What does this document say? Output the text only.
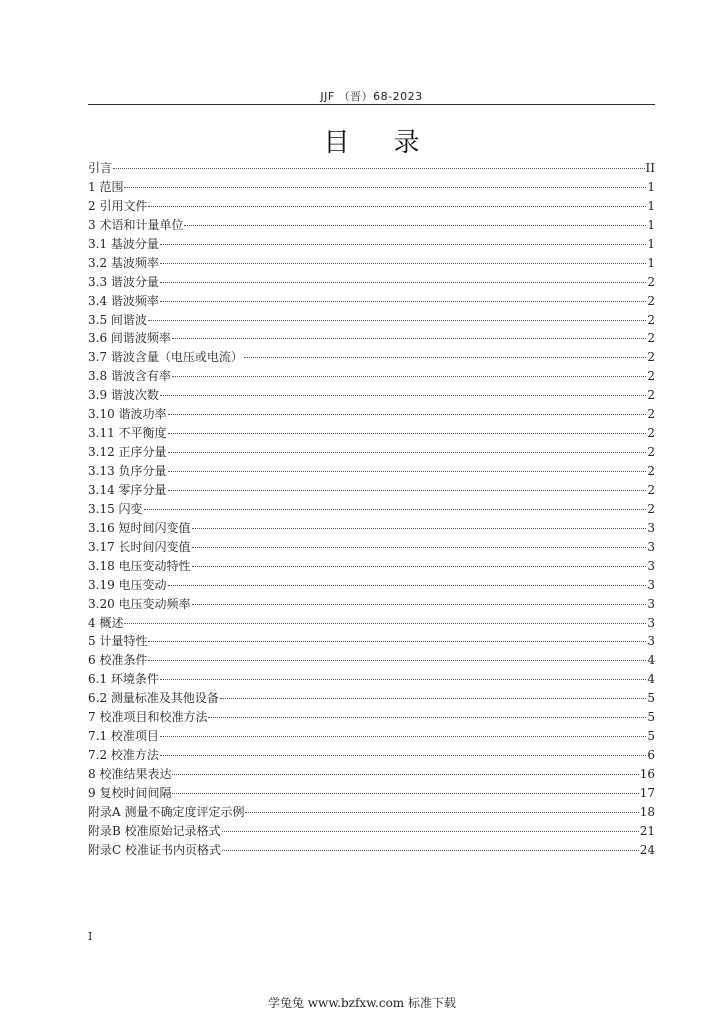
JJF （晋）68-2023
目录
引言	II
1 范围	1
2 引用文件	1
3 术语和计量单位	1
3.1 基波分量	1
3.2 基波频率	1
3.3 谐波分量	2
3.4 谐波频率	2
3.5 间谐波	2
3.6 间谐波频率	2
3.7 谐波含量（电压或电流）	2
3.8 谐波含有率	2
3.9 谐波次数	2
3.10 谐波功率	2
3.11 不平衡度	2
3.12 正序分量	2
3.13 负序分量	2
3.14 零序分量	2
3.15 闪变	2
3.16 短时间闪变值	3
3.17 长时间闪变值	3
3.18 电压变动特性	3
3.19 电压变动	3
3.20 电压变动频率	3
4 概述	3
5 计量特性	3
6 校准条件	4
6.1 环境条件	4
6.2 测量标准及其他设备	5
7 校准项目和校准方法	5
7.1 校准项目	5
7.2 校准方法	6
8 校准结果表达	16
9 复校时间间隔	17
附录A 测量不确定度评定示例	18
附录B 校准原始记录格式	21
附录C 校准证书内页格式	24
I
学兔兔 www.bzfxw.com 标准下载
